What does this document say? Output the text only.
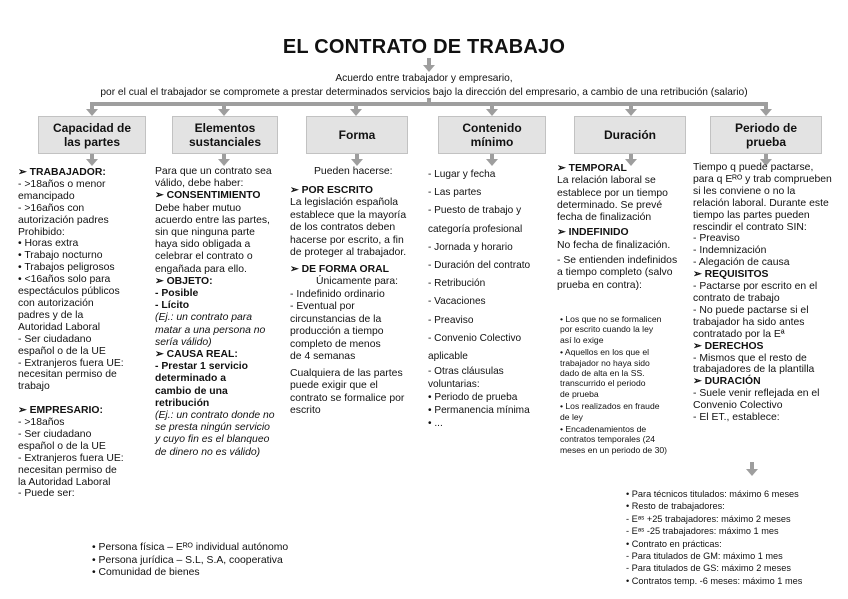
EL CONTRATO DE TRABAJO
Acuerdo entre trabajador y empresario,
por el cual el trabajador se compromete a prestar determinados servicios bajo la dirección del empresario, a cambio de una retribución (salario)
Capacidad de
las partes
Elementos
sustanciales	Forma	Contenido
mínimo	Duración	Periodo de
prueba
➢ TRABAJADOR:
- >18años o menor
emancipado
- >16años con
autorización padres
Prohibido:
• Horas extra
• Trabajo nocturno
• Trabajos peligrosos
• <16años solo para
espectáculos públicos
con autorización
padres y de la
Autoridad Laboral
- Ser ciudadano
español o de la UE
- Extranjeros fuera UE:
necesitan permiso de
trabajo

➢ EMPRESARIO:
- >18años
- Ser ciudadano
español o de la UE
- Extranjeros fuera UE:
necesitan permiso de
la Autoridad Laboral
- Puede ser:
• Persona física – Eᴿᴼ individual autónomo
• Persona jurídica – S.L, S.A, cooperativa
• Comunidad de bienes
Para que un contrato sea
válido, debe haber:
➢ CONSENTIMIENTO
Debe haber mutuo
acuerdo entre las partes,
sin que ninguna parte
haya sido obligada a
celebrar el contrato o
engañada para ello.
➢ OBJETO:
- Posible
- Lícito
(Ej.: un contrato para
matar a una persona no
sería válido)
➢ CAUSA REAL:
- Prestar 1 servicio
determinado a
cambio de una
retribución
(Ej.: un contrato donde no
se presta ningún servicio
y cuyo fin es el blanqueo
de dinero no es válido)
Pueden hacerse:
➢ POR ESCRITO
La legislación española
establece que la mayoría
de los contratos deben
hacerse por escrito, a fin
de proteger al trabajador.
➢ DE FORMA ORAL
Únicamente para:
- Indefinido ordinario
- Eventual por
circunstancias de la
producción a tiempo
completo de menos
de 4 semanas
Cualquiera de las partes
puede exigir que el
contrato se formalice por
escrito
- Lugar y fecha
- Las partes
- Puesto de trabajo y
categoría profesional
- Jornada y horario
- Duración del contrato
- Retribución
- Vacaciones
- Preaviso
- Convenio Colectivo
aplicable
- Otras cláusulas
voluntarias:
• Periodo de prueba
• Permanencia mínima
• ...
➢ TEMPORAL
La relación laboral se
establece por un tiempo
determinado. Se prevé
fecha de finalización
➢ INDEFINIDO
No fecha de finalización.
- Se entienden indefinidos
a tiempo completo (salvo
prueba en contra):
• Los que no se formalicen
por escrito cuando la ley
así lo exige
• Aquellos en los que el
trabajador no haya sido
dado de alta en la SS.
transcurrido el periodo
de prueba
• Los realizados en fraude
de ley
• Encadenamientos de
contratos temporales (24
meses en un periodo de 30)
Tiempo q puede pactarse,
para q Eᴿᴼ y trab comprueben
si les conviene o no la
relación laboral. Durante este
tiempo las partes pueden
rescindir el contrato SIN:
- Preaviso
- Indemnización
- Alegación de causa
➢ REQUISITOS
- Pactarse por escrito en el
contrato de trabajo
- No puede pactarse si el
trabajador ha sido antes
contratado por la Eª
➢ DERECHOS
- Mismos que el resto de
trabajadores de la plantilla
➢ DURACIÓN
- Suele venir reflejada en el
Convenio Colectivo
- El ET., establece:
• Para técnicos titulados: máximo 6 meses
• Resto de trabajadores:
- Eᵃˢ +25 trabajadores: máximo 2 meses
- Eᵃˢ -25 trabajadores: máximo 1 mes
• Contrato en prácticas:
- Para titulados de GM: máximo 1 mes
- Para titulados de GS: máximo 2 meses
• Contratos temp. -6 meses: máximo 1 mes
